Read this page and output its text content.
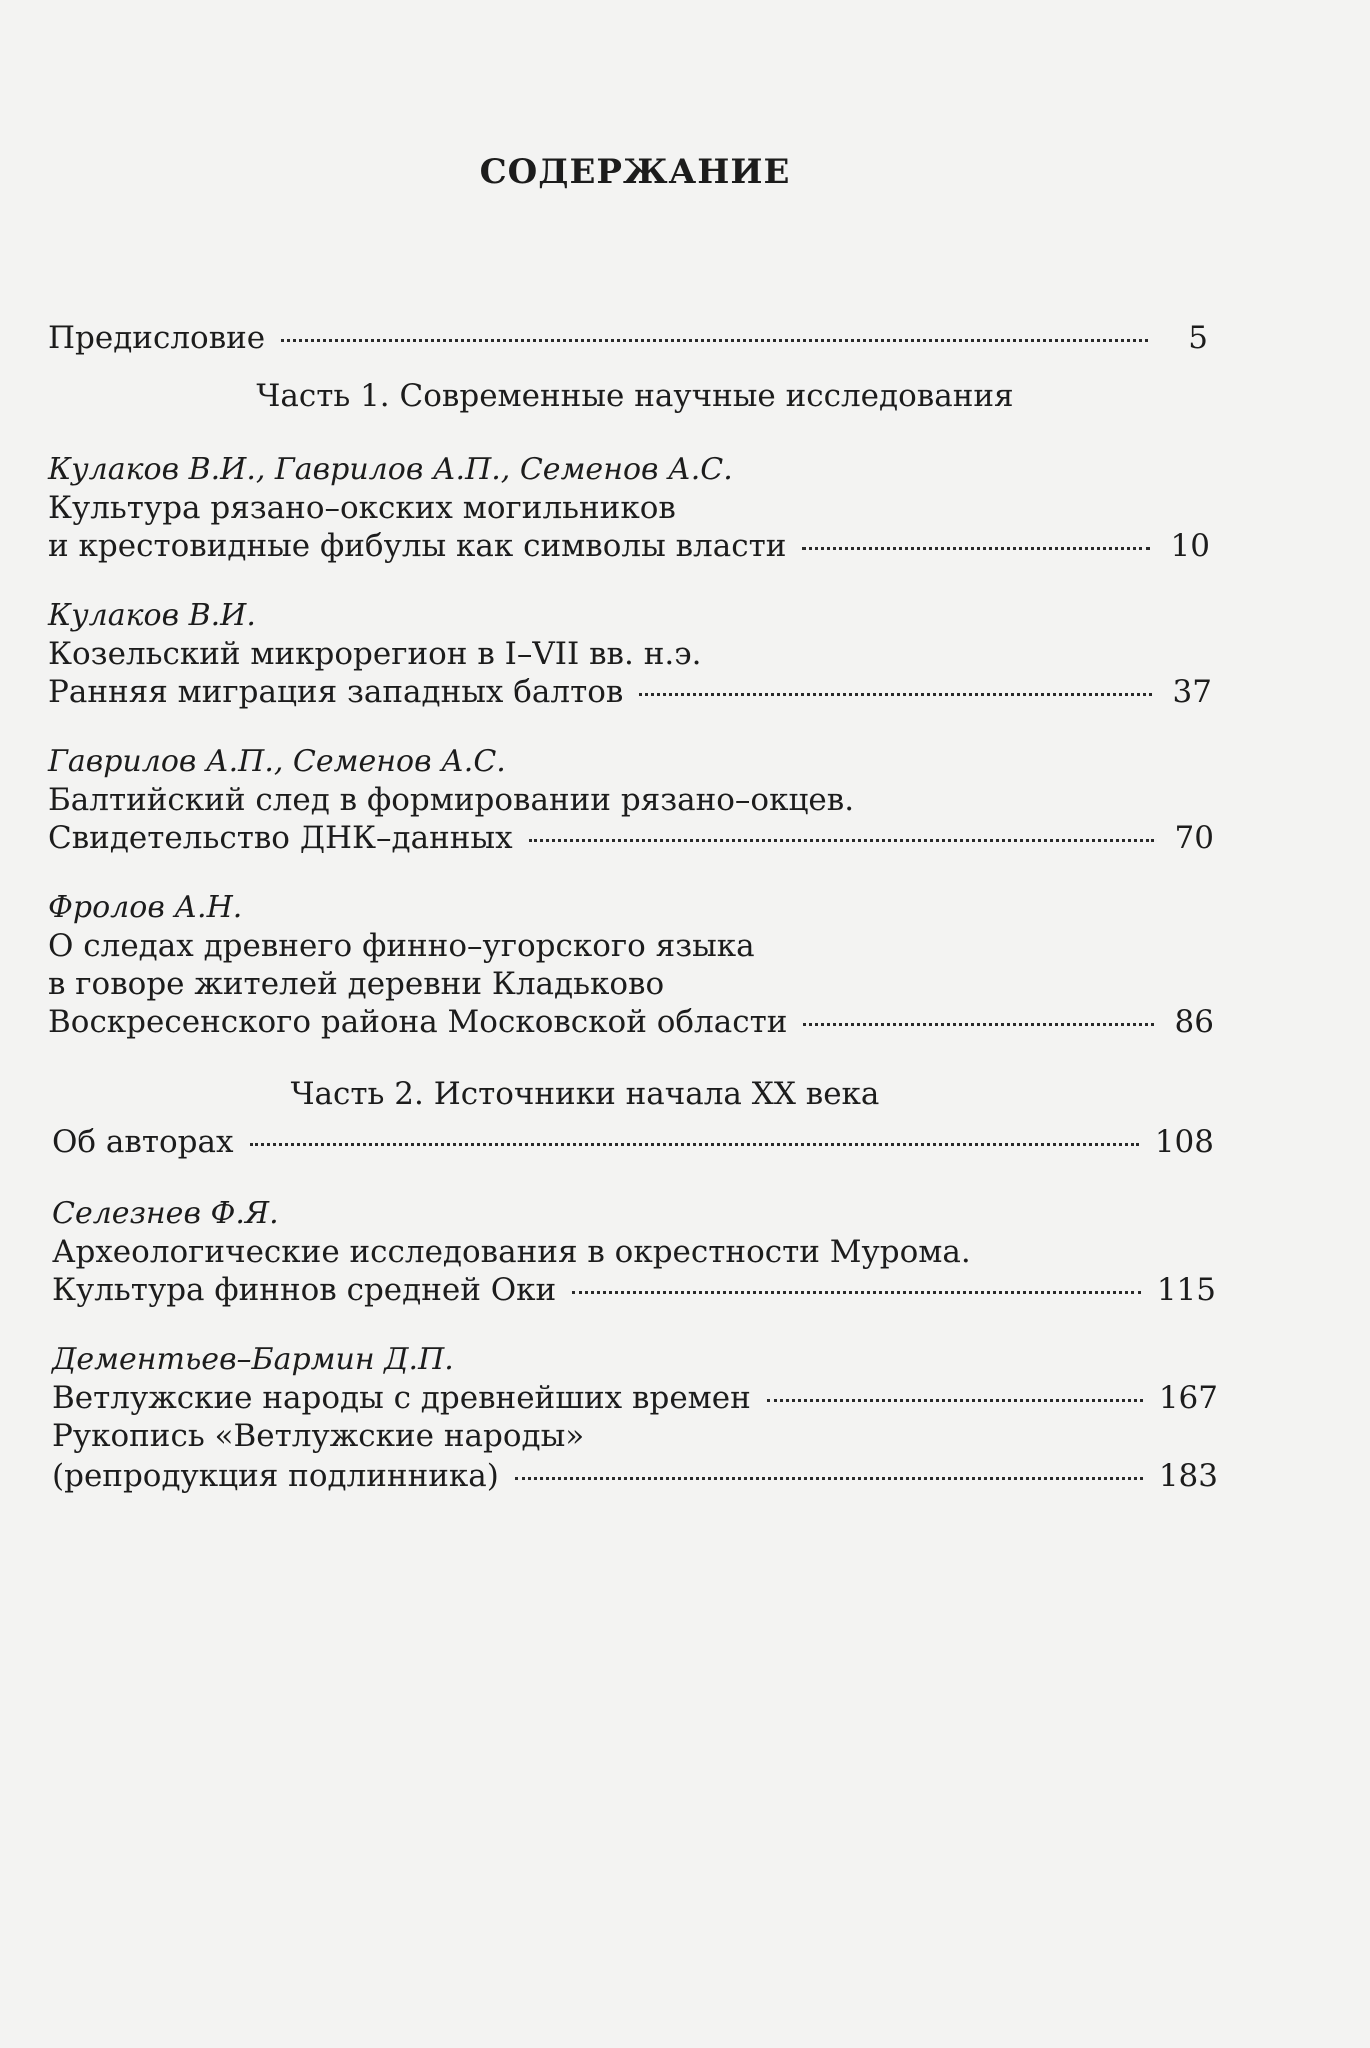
СОДЕРЖАНИЕ
Предисловие	5
Часть 1. Современные научные исследования
Кулаков В.И., Гаврилов А.П., Семенов А.С.
Культура рязано–окских могильников
и крестовидные фибулы как символы власти	10
Кулаков В.И.
Козельский микрорегион в I–VII вв. н.э.
Ранняя миграция западных балтов	37
Гаврилов А.П., Семенов А.С.
Балтийский след в формировании рязано–окцев.
Свидетельство ДНК–данных	70
Фролов А.Н.
О следах древнего финно–угорского языка
в говоре жителей деревни Кладьково
Воскресенского района Московской области	86
Часть 2. Источники начала XX века
Об авторах	108
Селезнев Ф.Я.
Археологические исследования в окрестности Мурома.
Культура финнов средней Оки	115
Дементьев–Бармин Д.П.
Ветлужские народы с древнейших времен	167
Рукопись «Ветлужские народы»
(репродукция подлинника)	183
